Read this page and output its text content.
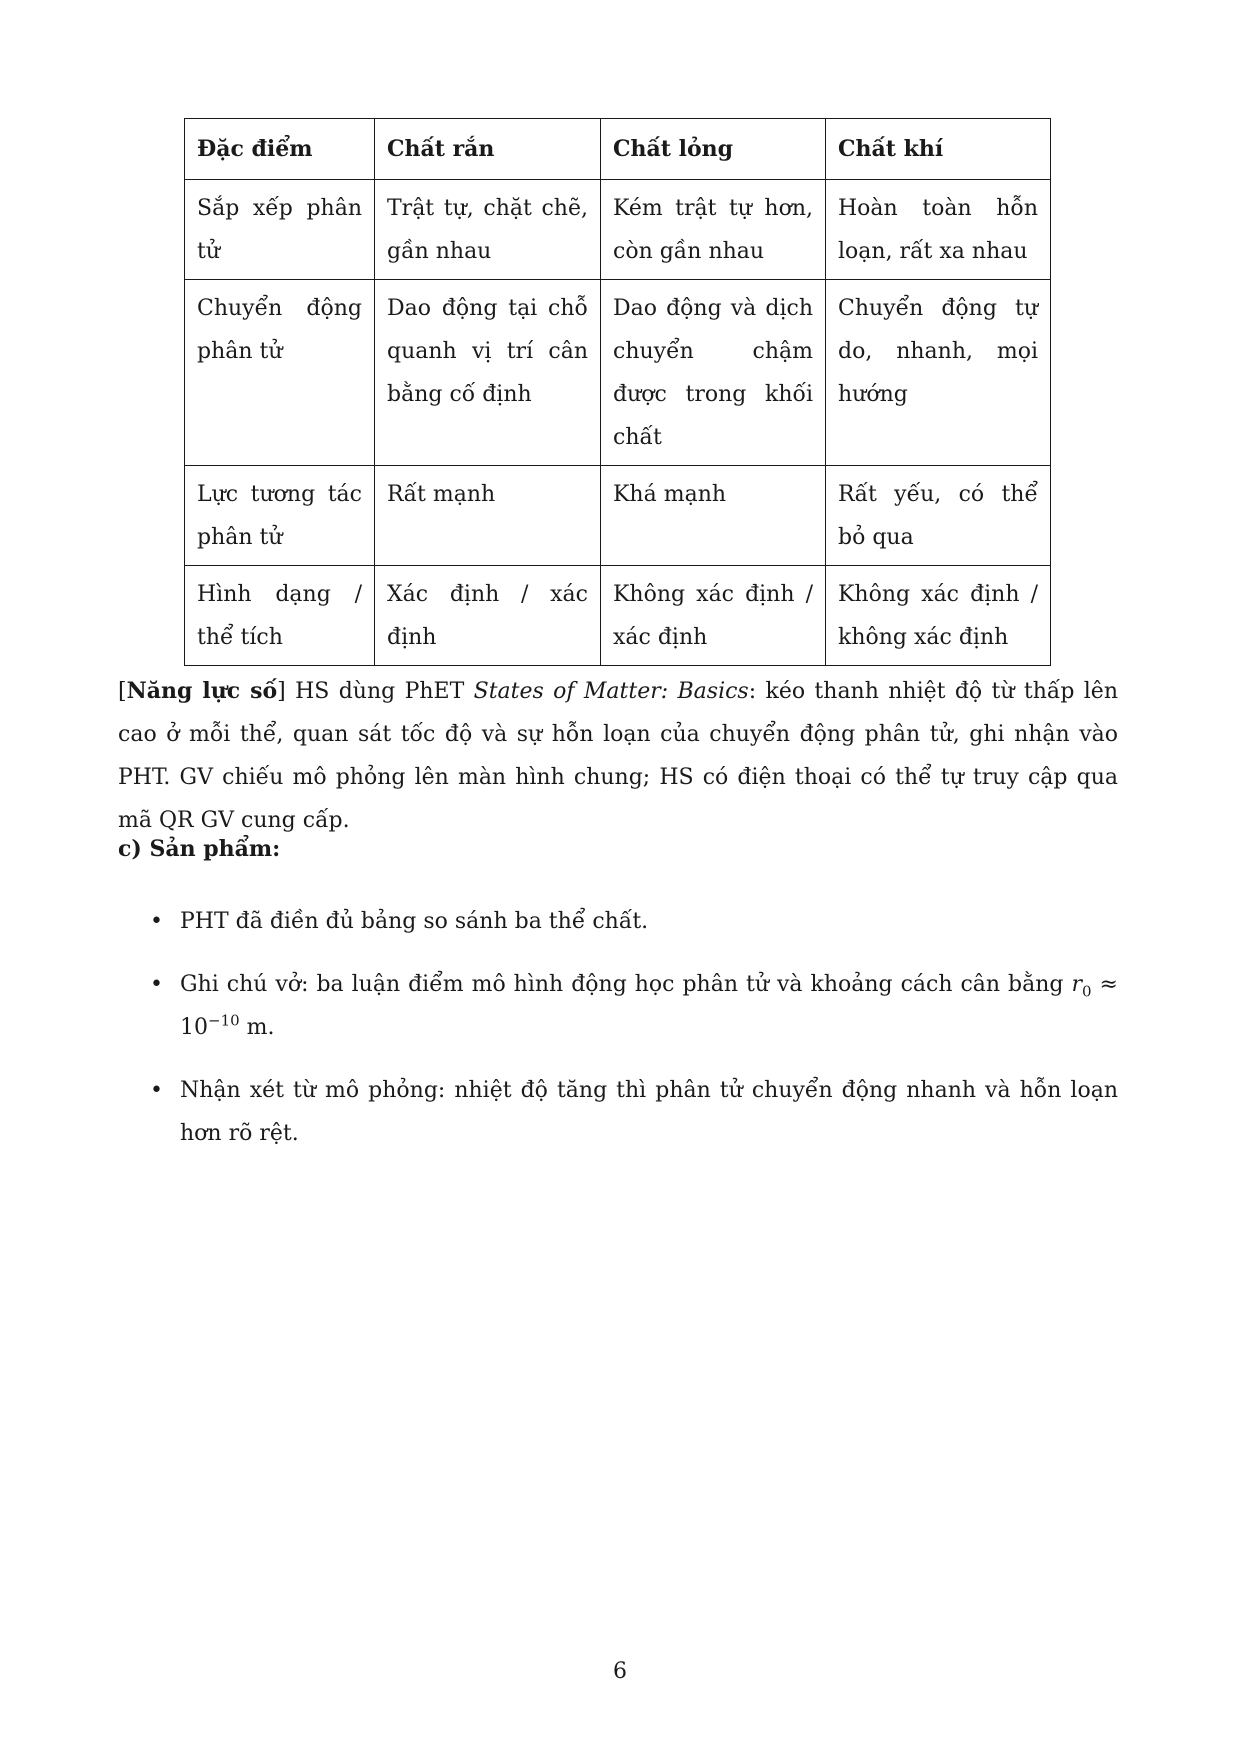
Đặc điểm	Chất rắn	Chất lỏng	Chất khí
Sắp xếp phân tử	Trật tự, chặt chẽ, gần nhau	Kém trật tự hơn, còn gần nhau	Hoàn toàn hỗn loạn, rất xa nhau
Chuyển động phân tử	Dao động tại chỗ quanh vị trí cân bằng cố định	Dao động và dịch chuyển chậm được trong khối chất	Chuyển động tự do, nhanh, mọi hướng
Lực tương tác phân tử	Rất mạnh	Khá mạnh	Rất yếu, có thể bỏ qua
Hình dạng / thể tích	Xác định / xác định	Không xác định / xác định	Không xác định / không xác định

[Năng lực số] HS dùng PhET States of Matter: Basics: kéo thanh nhiệt độ từ thấp lên cao ở mỗi thể, quan sát tốc độ và sự hỗn loạn của chuyển động phân tử, ghi nhận vào PHT. GV chiếu mô phỏng lên màn hình chung; HS có điện thoại có thể tự truy cập qua mã QR GV cung cấp.

c) Sản phẩm:
• PHT đã điền đủ bảng so sánh ba thể chất.
• Ghi chú vở: ba luận điểm mô hình động học phân tử và khoảng cách cân bằng $r_0 \approx 10^{-10}$ m.
• Nhận xét từ mô phỏng: nhiệt độ tăng thì phân tử chuyển động nhanh và hỗn loạn hơn rõ rệt.
6
